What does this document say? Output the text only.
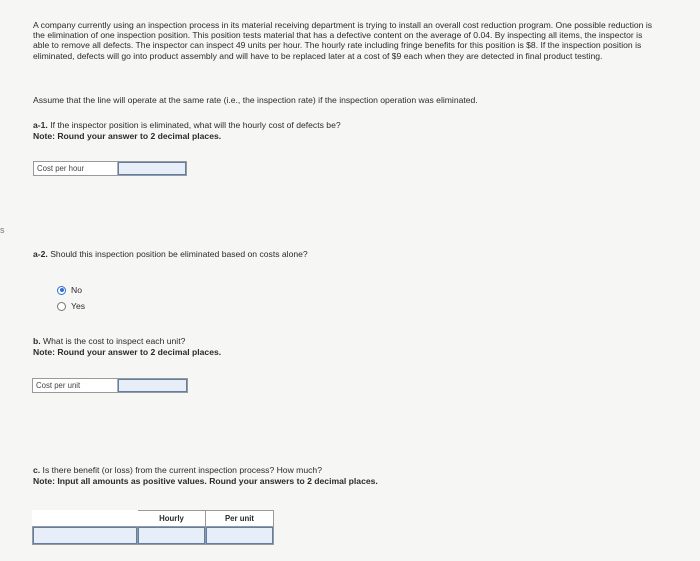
s
A company currently using an inspection process in its material receiving department is trying to install an overall cost reduction program. One possible reduction is the elimination of one inspection position. This position tests material that has a defective content on the average of 0.04. By inspecting all items, the inspector is able to remove all defects. The inspector can inspect 49 units per hour. The hourly rate including fringe benefits for this position is $8. If the inspection position is eliminated, defects will go into product assembly and will have to be replaced later at a cost of $9 each when they are detected in final product testing.
Assume that the line will operate at the same rate (i.e., the inspection rate) if the inspection operation was eliminated.
a-1. If the inspector position is eliminated, what will the hourly cost of defects be?
Note: Round your answer to 2 decimal places.
Cost per hour
a-2. Should this inspection position be eliminated based on costs alone?
No
Yes
b. What is the cost to inspect each unit?
Note: Round your answer to 2 decimal places.
Cost per unit
c. Is there benefit (or loss) from the current inspection process? How much?
Note: Input all amounts as positive values. Round your answers to 2 decimal places.
	Hourly	Per unit
